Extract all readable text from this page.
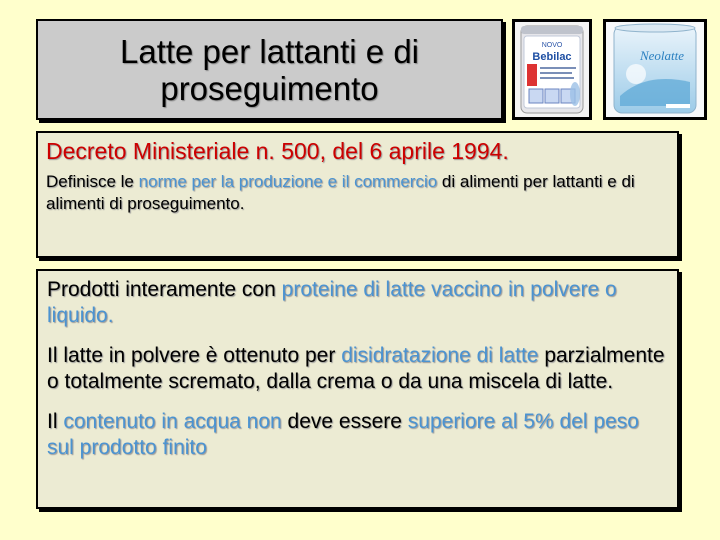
Latte per lattanti e di proseguimento
NOVO
Bebilac	Neolatte

Decreto Ministeriale n. 500, del 6 aprile 1994.

Definisce le norme per la produzione e il commercio di alimenti per lattanti e di alimenti di proseguimento.

Prodotti interamente con proteine di latte vaccino in polvere o liquido.

Il latte in polvere è ottenuto per disidratazione di latte parzialmente o totalmente scremato, dalla crema o da una miscela di latte.

Il contenuto in acqua non deve essere superiore al 5% del peso sul prodotto finito
